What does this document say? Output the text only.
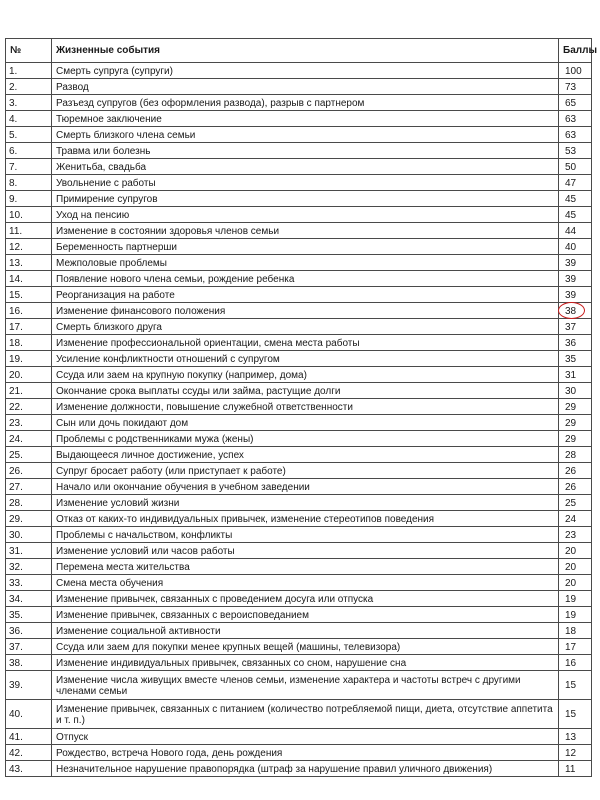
№	Жизненные события	Баллы
1.	Смерть супруга (супруги)	100
2.	Развод	73
3.	Разъезд супругов (без оформления развода), разрыв с партнером	65
4.	Тюремное заключение	63
5.	Смерть близкого члена семьи	63
6.	Травма или болезнь	53
7.	Женитьба, свадьба	50
8.	Увольнение с работы	47
9.	Примирение супругов	45
10.	Уход на пенсию	45
11.	Изменение в состоянии здоровья членов семьи	44
12.	Беременность партнерши	40
13.	Межполовые проблемы	39
14.	Появление нового члена семьи, рождение ребенка	39
15.	Реорганизация на работе	39
16.	Изменение финансового положения	38
17.	Смерть близкого друга	37
18.	Изменение профессиональной ориентации, смена места работы	36
19.	Усиление конфликтности отношений с супругом	35
20.	Ссуда или заем на крупную покупку (например, дома)	31
21.	Окончание срока выплаты ссуды или займа, растущие долги	30
22.	Изменение должности, повышение служебной ответственности	29
23.	Сын или дочь покидают дом	29
24.	Проблемы с родственниками мужа (жены)	29
25.	Выдающееся личное достижение, успех	28
26.	Супруг бросает работу (или приступает к работе)	26
27.	Начало или окончание обучения в учебном заведении	26
28.	Изменение условий жизни	25
29.	Отказ от каких-то индивидуальных привычек, изменение стереотипов поведения	24
30.	Проблемы с начальством, конфликты	23
31.	Изменение условий или часов работы	20
32.	Перемена места жительства	20
33.	Смена места обучения	20
34.	Изменение привычек, связанных с проведением досуга или отпуска	19
35.	Изменение привычек, связанных с вероисповеданием	19
36.	Изменение социальной активности	18
37.	Ссуда или заем для покупки менее крупных вещей (машины, телевизора)	17
38.	Изменение индивидуальных привычек, связанных со сном, нарушение сна	16
39.	Изменение числа живущих вместе членов семьи, изменение характера и частоты встреч с другими членами семьи	15
40.	Изменение привычек, связанных с питанием (количество потребляемой пищи, диета, отсутствие аппетита и т. п.)	15
41.	Отпуск	13
42.	Рождество, встреча Нового года, день рождения	12
43.	Незначительное нарушение правопорядка (штраф за нарушение правил уличного движения)	11
